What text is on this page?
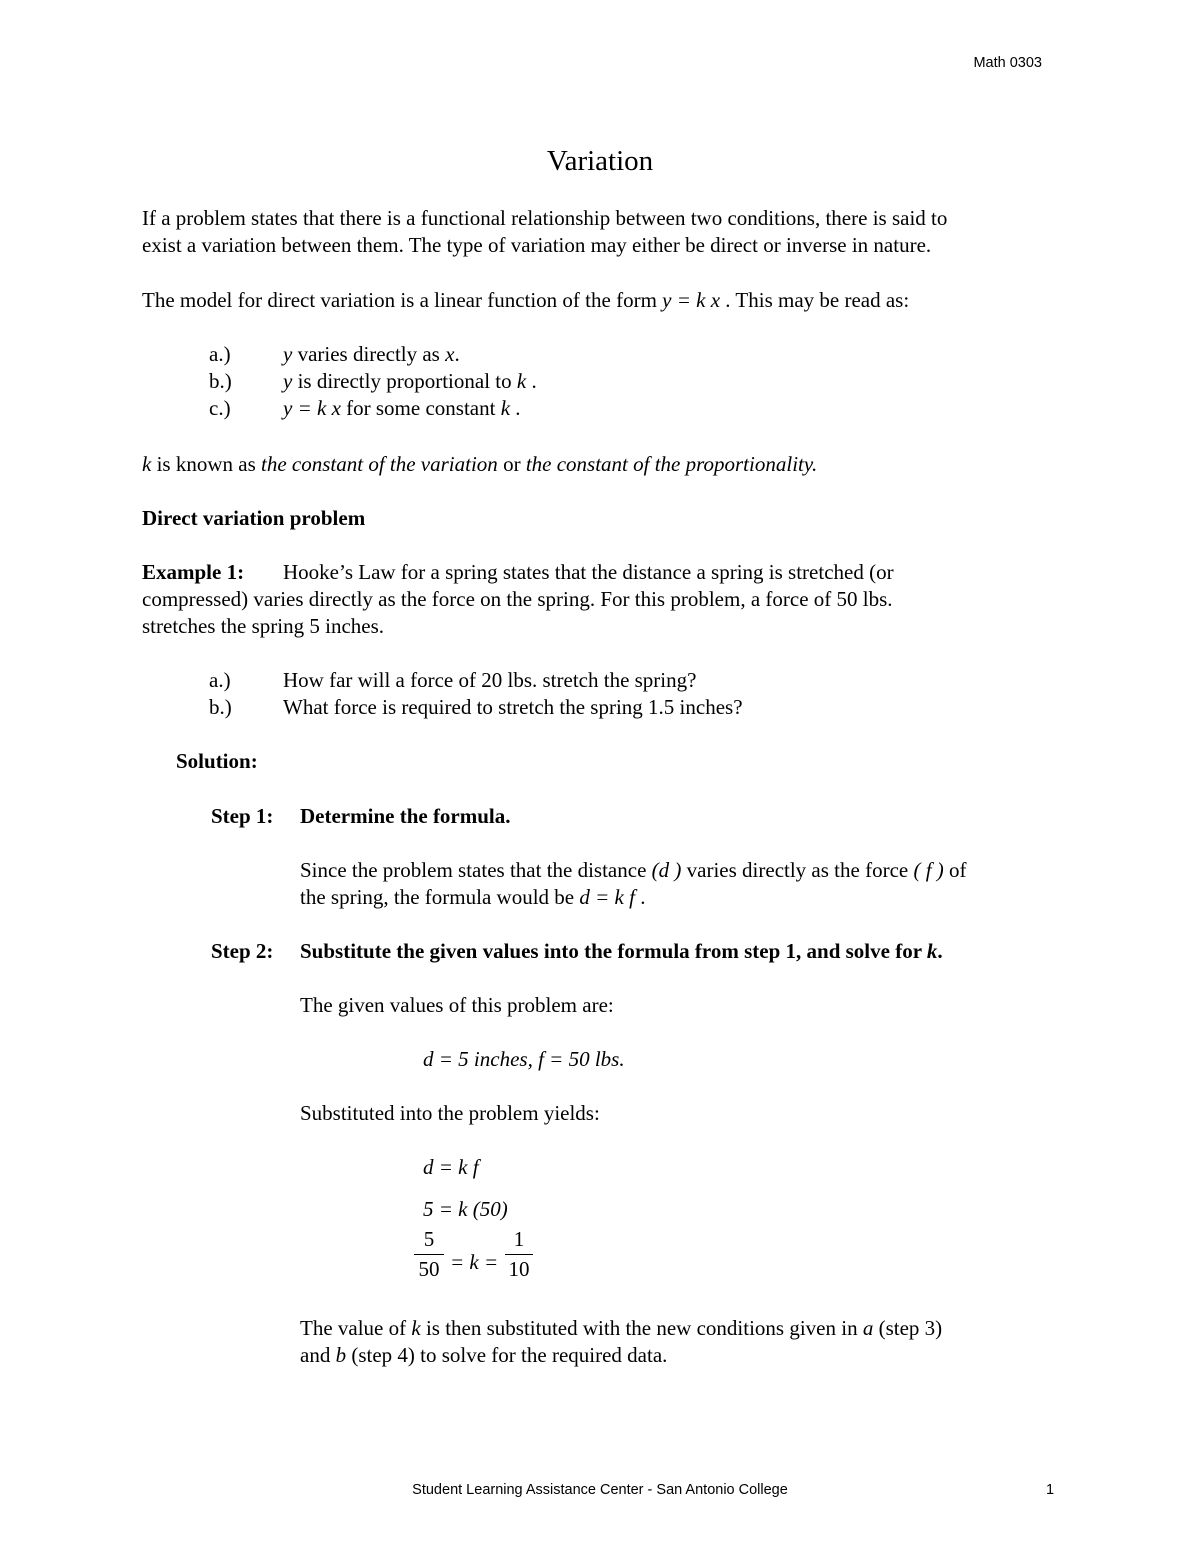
Math 0303
Variation
If a problem states that there is a functional relationship between two conditions, there is said to
exist a variation between them. The type of variation may either be direct or inverse in nature.
The model for direct variation is a linear function of the form y = k x . This may be read as:
a.) y varies directly as x.
b.) y is directly proportional to k .
c.) y = k x for some constant k .
k is known as the constant of the variation or the constant of the proportionality.
Direct variation problem
Example 1: Hooke’s Law for a spring states that the distance a spring is stretched (or
compressed) varies directly as the force on the spring. For this problem, a force of 50 lbs.
stretches the spring 5 inches.
a.) How far will a force of 20 lbs. stretch the spring?
b.) What force is required to stretch the spring 1.5 inches?
Solution:
Step 1: Determine the formula.
Since the problem states that the distance (d ) varies directly as the force ( f ) of
the spring, the formula would be d = k f .
Step 2: Substitute the given values into the formula from step 1, and solve for k.
The given values of this problem are:
d = 5 inches, f = 50 lbs.
Substituted into the problem yields:
d = k f
5 = k (50)
5
50 = k =
1
10
The value of k is then substituted with the new conditions given in a (step 3)
and b (step 4) to solve for the required data.
Student Learning Assistance Center - San Antonio College	1
